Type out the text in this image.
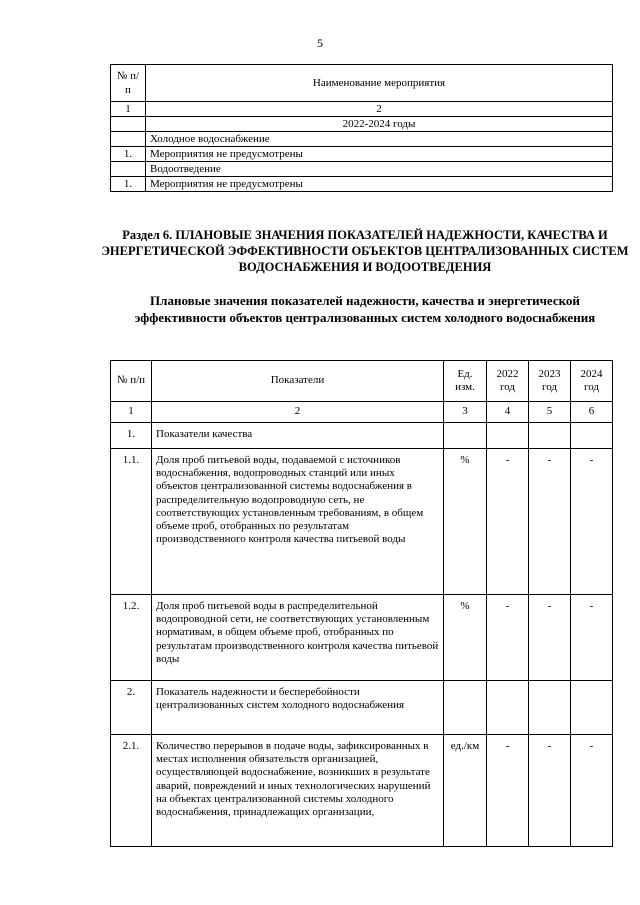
5
№ п/п	Наименование мероприятия
1	2
	2022-2024 годы
	Холодное водоснабжение
1.	Мероприятия не предусмотрены
	Водоотведение
1.	Мероприятия не предусмотрены
Раздел 6. ПЛАНОВЫЕ ЗНАЧЕНИЯ ПОКАЗАТЕЛЕЙ НАДЕЖНОСТИ, КАЧЕСТВА И ЭНЕРГЕТИЧЕСКОЙ ЭФФЕКТИВНОСТИ ОБЪЕКТОВ ЦЕНТРАЛИЗОВАННЫХ СИСТЕМ ВОДОСНАБЖЕНИЯ И ВОДООТВЕДЕНИЯ
Плановые значения показателей надежности, качества и энергетической эффективности объектов централизованных систем холодного водоснабжения
№ п/п	Показатели	Ед. изм.	2022 год	2023 год	2024 год
1	2	3	4	5	6
1.	Показатели качества				
1.1.	Доля проб питьевой воды, подаваемой с источников водоснабжения, водопроводных станций или иных объектов централизованной системы водоснабжения в распределительную водопроводную сеть, не соответствующих установленным требованиям, в общем объеме проб, отобранных по результатам производственного контроля качества питьевой воды	%	-	-	-
1.2.	Доля проб питьевой воды в распределительной водопроводной сети, не соответствующих установленным нормативам, в общем объеме проб, отобранных по результатам производственного контроля качества питьевой воды	%	-	-	-
2.	Показатель надежности и бесперебойности централизованных систем холодного водоснабжения				
2.1.	Количество перерывов в подаче воды, зафиксированных в местах исполнения обязательств организацией, осуществляющей водоснабжение, возникших в результате аварий, повреждений и иных технологических нарушений на объектах централизованной системы холодного водоснабжения, принадлежащих организации,	ед./км	-	-	-
